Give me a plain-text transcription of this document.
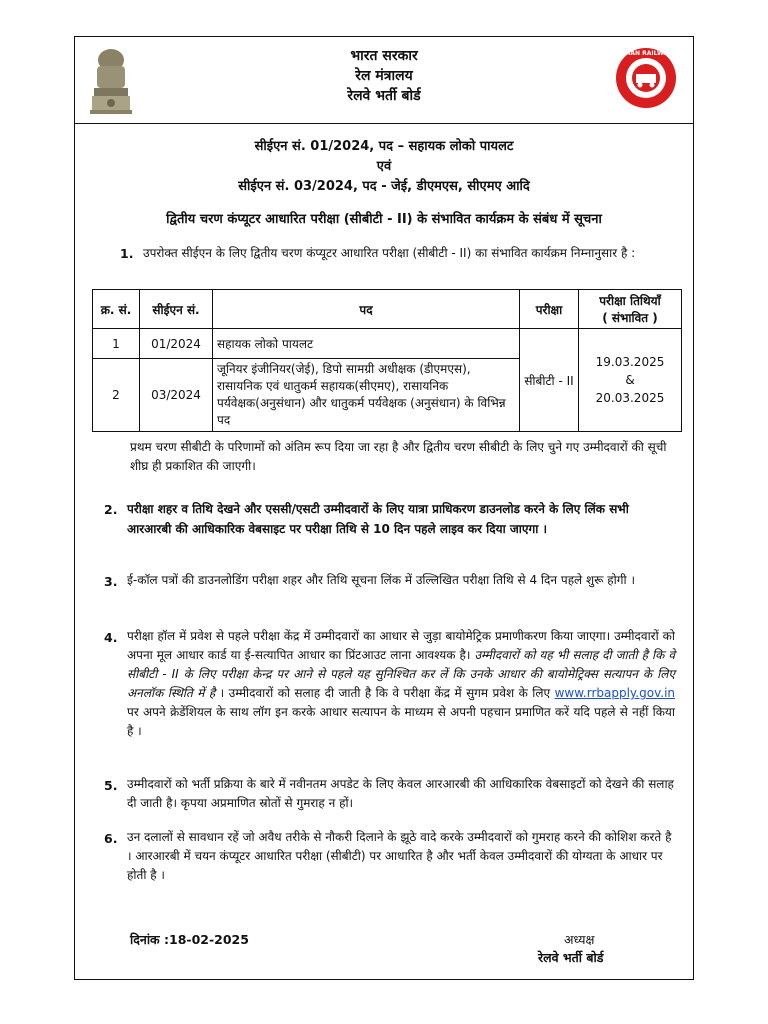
भारत सरकार
रेल मंत्रालय
रेलवे भर्ती बोर्ड
INDIAN RAILWAYS
सीईएन सं. 01/2024, पद – सहायक लोको पायलट
एवं
सीईएन सं. 03/2024, पद - जेई, डीएमएस, सीएमए आदि
द्वितीय चरण कंप्यूटर आधारित परीक्षा (सीबीटी - II) के संभावित कार्यक्रम के संबंध में सूचना
1. उपरोक्त सीईएन के लिए द्वितीय चरण कंप्यूटर आधारित परीक्षा (सीबीटी - II) का संभावित कार्यक्रम निम्नानुसार है :
क्र. सं.	सीईएन सं.	पद	परीक्षा	परीक्षा तिथियाँ
( संभावित )

1	01/2024	सहायक लोको पायलट	सीबीटी - II	19.03.2025
&
20.03.2025

2	03/2024	जूनियर इंजीनियर(जेई), डिपो सामग्री अधीक्षक (डीएमएस), रासायनिक एवं धातुकर्म सहायक(सीएमए), रासायनिक पर्यवेक्षक(अनुसंधान) और धातुकर्म पर्यवेक्षक (अनुसंधान) के विभिन्न पद		
प्रथम चरण सीबीटी के परिणामों को अंतिम रूप दिया जा रहा है और द्वितीय चरण सीबीटी के लिए चुने गए उम्मीदवारों की सूची शीघ्र ही प्रकाशित की जाएगी।
2. परीक्षा शहर व तिथि देखने और एससी/एसटी उम्मीदवारों के लिए यात्रा प्राधिकरण डाउनलोड करने के लिए लिंक सभी आरआरबी की आधिकारिक वेबसाइट पर परीक्षा तिथि से 10 दिन पहले लाइव कर दिया जाएगा ।
3. ई-कॉल पत्रों की डाउनलोडिंग परीक्षा शहर और तिथि सूचना लिंक में उल्लिखित परीक्षा तिथि से 4 दिन पहले शुरू होगी ।
4. परीक्षा हॉल में प्रवेश से पहले परीक्षा केंद्र में उम्मीदवारों का आधार से जुड़ा बायोमेट्रिक प्रमाणीकरण किया जाएगा। उम्मीदवारों को अपना मूल आधार कार्ड या ई-सत्यापित आधार का प्रिंटआउट लाना आवश्यक है। उम्मीदवारों को यह भी सलाह दी जाती है कि वे सीबीटी - II के लिए परीक्षा केन्द्र पर आने से पहले यह सुनिश्चित कर लें कि उनके आधार की बायोमेट्रिक्स सत्यापन के लिए अनलॉक स्थिति में है । उम्मीदवारों को सलाह दी जाती है कि वे परीक्षा केंद्र में सुगम प्रवेश के लिए www.rrbapply.gov.in पर अपने क्रेडेंशियल के साथ लॉग इन करके आधार सत्यापन के माध्यम से अपनी पहचान प्रमाणित करें यदि पहले से नहीं किया है ।
5. उम्मीदवारों को भर्ती प्रक्रिया के बारे में नवीनतम अपडेट के लिए केवल आरआरबी की आधिकारिक वेबसाइटों को देखने की सलाह दी जाती है। कृपया अप्रमाणित स्रोतों से गुमराह न हों।
6. उन दलालों से सावधान रहें जो अवैध तरीके से नौकरी दिलाने के झूठे वादे करके उम्मीदवारों को गुमराह करने की कोशिश करते है । आरआरबी में चयन कंप्यूटर आधारित परीक्षा (सीबीटी) पर आधारित है और भर्ती केवल उम्मीदवारों की योग्यता के आधार पर होती है ।
दिनांक :18-02-2025	अध्यक्ष
रेलवे भर्ती बोर्ड
